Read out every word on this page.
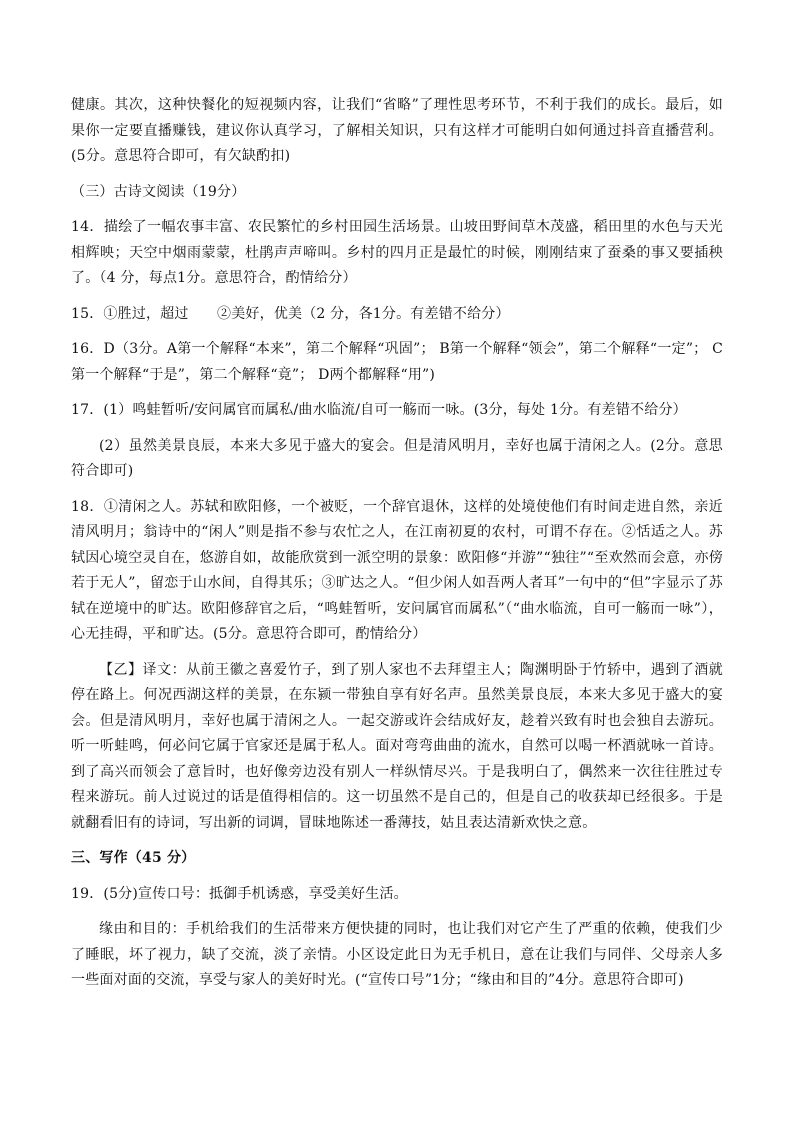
健康。其次，这种快餐化的短视频内容，让我们“省略”了理性思考环节，不利于我们的成长。最后，如果你一定要直播赚钱，建议你认真学习，了解相关知识，只有这样才可能明白如何通过抖音直播营利。(5分。意思符合即可，有欠缺酌扣)

（三）古诗文阅读（19分）

14．描绘了一幅农事丰富、农民繁忙的乡村田园生活场景。山坡田野间草木茂盛，稻田里的水色与天光相辉映；天空中烟雨蒙蒙，杜鹃声声啼叫。乡村的四月正是最忙的时候，刚刚结束了蚕桑的事又要插秧了。（4 分，每点1分。意思符合，酌情给分）

15．①胜过，超过　　②美好，优美（2 分，各1分。有差错不给分）

16．D（3分。A第一个解释“本来”，第二个解释“巩固”； B第一个解释“领会”，第二个解释“一定”； C第一个解释“于是”，第二个解释“竟”； D两个都解释“用”)

17．(1）鸣蛙暂听/安问属官而属私/曲水临流/自可一觞而一咏。(3分，每处 1分。有差错不给分）

(2）虽然美景良辰，本来大多见于盛大的宴会。但是清风明月，幸好也属于清闲之人。(2分。意思符合即可)

18．①清闲之人。苏轼和欧阳修，一个被贬，一个辞官退休，这样的处境使他们有时间走进自然，亲近清风明月；翁诗中的“闲人”则是指不参与农忙之人，在江南初夏的农村，可谓不存在。②恬适之人。苏轼因心境空灵自在，悠游自如，故能欣赏到一派空明的景象：欧阳修“并游”“独往”“至欢然而会意，亦傍若于无人”，留恋于山水间，自得其乐；③旷达之人。“但少闲人如吾两人者耳”一句中的“但”字显示了苏轼在逆境中的旷达。欧阳修辞官之后，“鸣蛙暂听，安问属官而属私”（“曲水临流，自可一觞而一咏”），心无挂碍，平和旷达。(5分。意思符合即可，酌情给分）

【乙】译文：从前王徽之喜爱竹子，到了别人家也不去拜望主人；陶渊明卧于竹轿中，遇到了酒就停在路上。何况西湖这样的美景，在东颍一带独自享有好名声。虽然美景良辰，本来大多见于盛大的宴会。但是清风明月，幸好也属于清闲之人。一起交游或许会结成好友，趁着兴致有时也会独自去游玩。听一听蛙鸣，何必问它属于官家还是属于私人。面对弯弯曲曲的流水，自然可以喝一杯酒就咏一首诗。到了高兴而领会了意旨时，也好像旁边没有别人一样纵情尽兴。于是我明白了，偶然来一次往往胜过专程来游玩。前人过说过的话是值得相信的。这一切虽然不是自己的，但是自己的收获却已经很多。于是就翻看旧有的诗词，写出新的词调，冒昧地陈述一番薄技，姑且表达清新欢快之意。

三、写作（45 分）

19．(5分)宣传口号：抵御手机诱惑，享受美好生活。

缘由和目的：手机给我们的生活带来方便快捷的同时，也让我们对它产生了严重的依赖，使我们少了睡眠，坏了视力，缺了交流，淡了亲情。小区设定此日为无手机日，意在让我们与同伴、父母亲人多一些面对面的交流，享受与家人的美好时光。(“宣传口号”1分；“缘由和目的”4分。意思符合即可)
